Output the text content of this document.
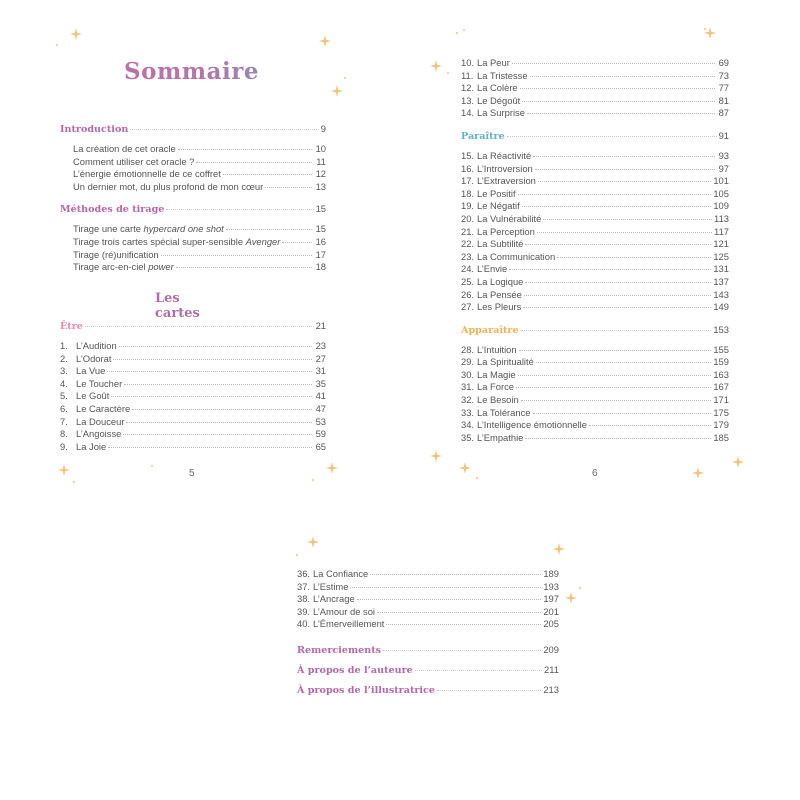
Sommaire
Introduction	9
La création de cet oracle	10
Comment utiliser cet oracle ?	11
L’énergie émotionnelle de ce coffret	12
Un dernier mot, du plus profond de mon cœur	13
Méthodes de tirage	15
Tirage une carte hypercard one shot	15
Tirage trois cartes spécial super-sensible Avenger	16
Tirage (ré)unification	17
Tirage arc-en-ciel power	18
Les cartes
Être	21
1. L’Audition	23
2. L’Odorat	27
3. La Vue	31
4. Le Toucher	35
5. Le Goût	41
6. Le Caractère	47
7. La Douceur	53
8. L’Angoisse	59
9. La Joie	65
5
10. La Peur	69
11. La Tristesse	73
12. La Colère	77
13. Le Dégoût	81
14. La Surprise	87
Paraître	91
15. La Réactivité	93
16. L’Introversion	97
17. L’Extraversion	101
18. Le Positif	105
19. Le Négatif	109
20. La Vulnérabilité	113
21. La Perception	117
22. La Subtilité	121
23. La Communication	125
24. L’Envie	131
25. La Logique	137
26. La Pensée	143
27. Les Pleurs	149
Apparaître	153
28. L’Intuition	155
29. La Spiritualité	159
30. La Magie	163
31. La Force	167
32. Le Besoin	171
33. La Tolérance	175
34. L’Intelligence émotionnelle	179
35. L’Empathie	185
6
36. La Confiance	189
37. L’Estime	193
38. L’Ancrage	197
39. L’Amour de soi	201
40. L’Émerveillement	205
Remerciements	209
À propos de l’auteure	211
À propos de l’illustratrice	213
